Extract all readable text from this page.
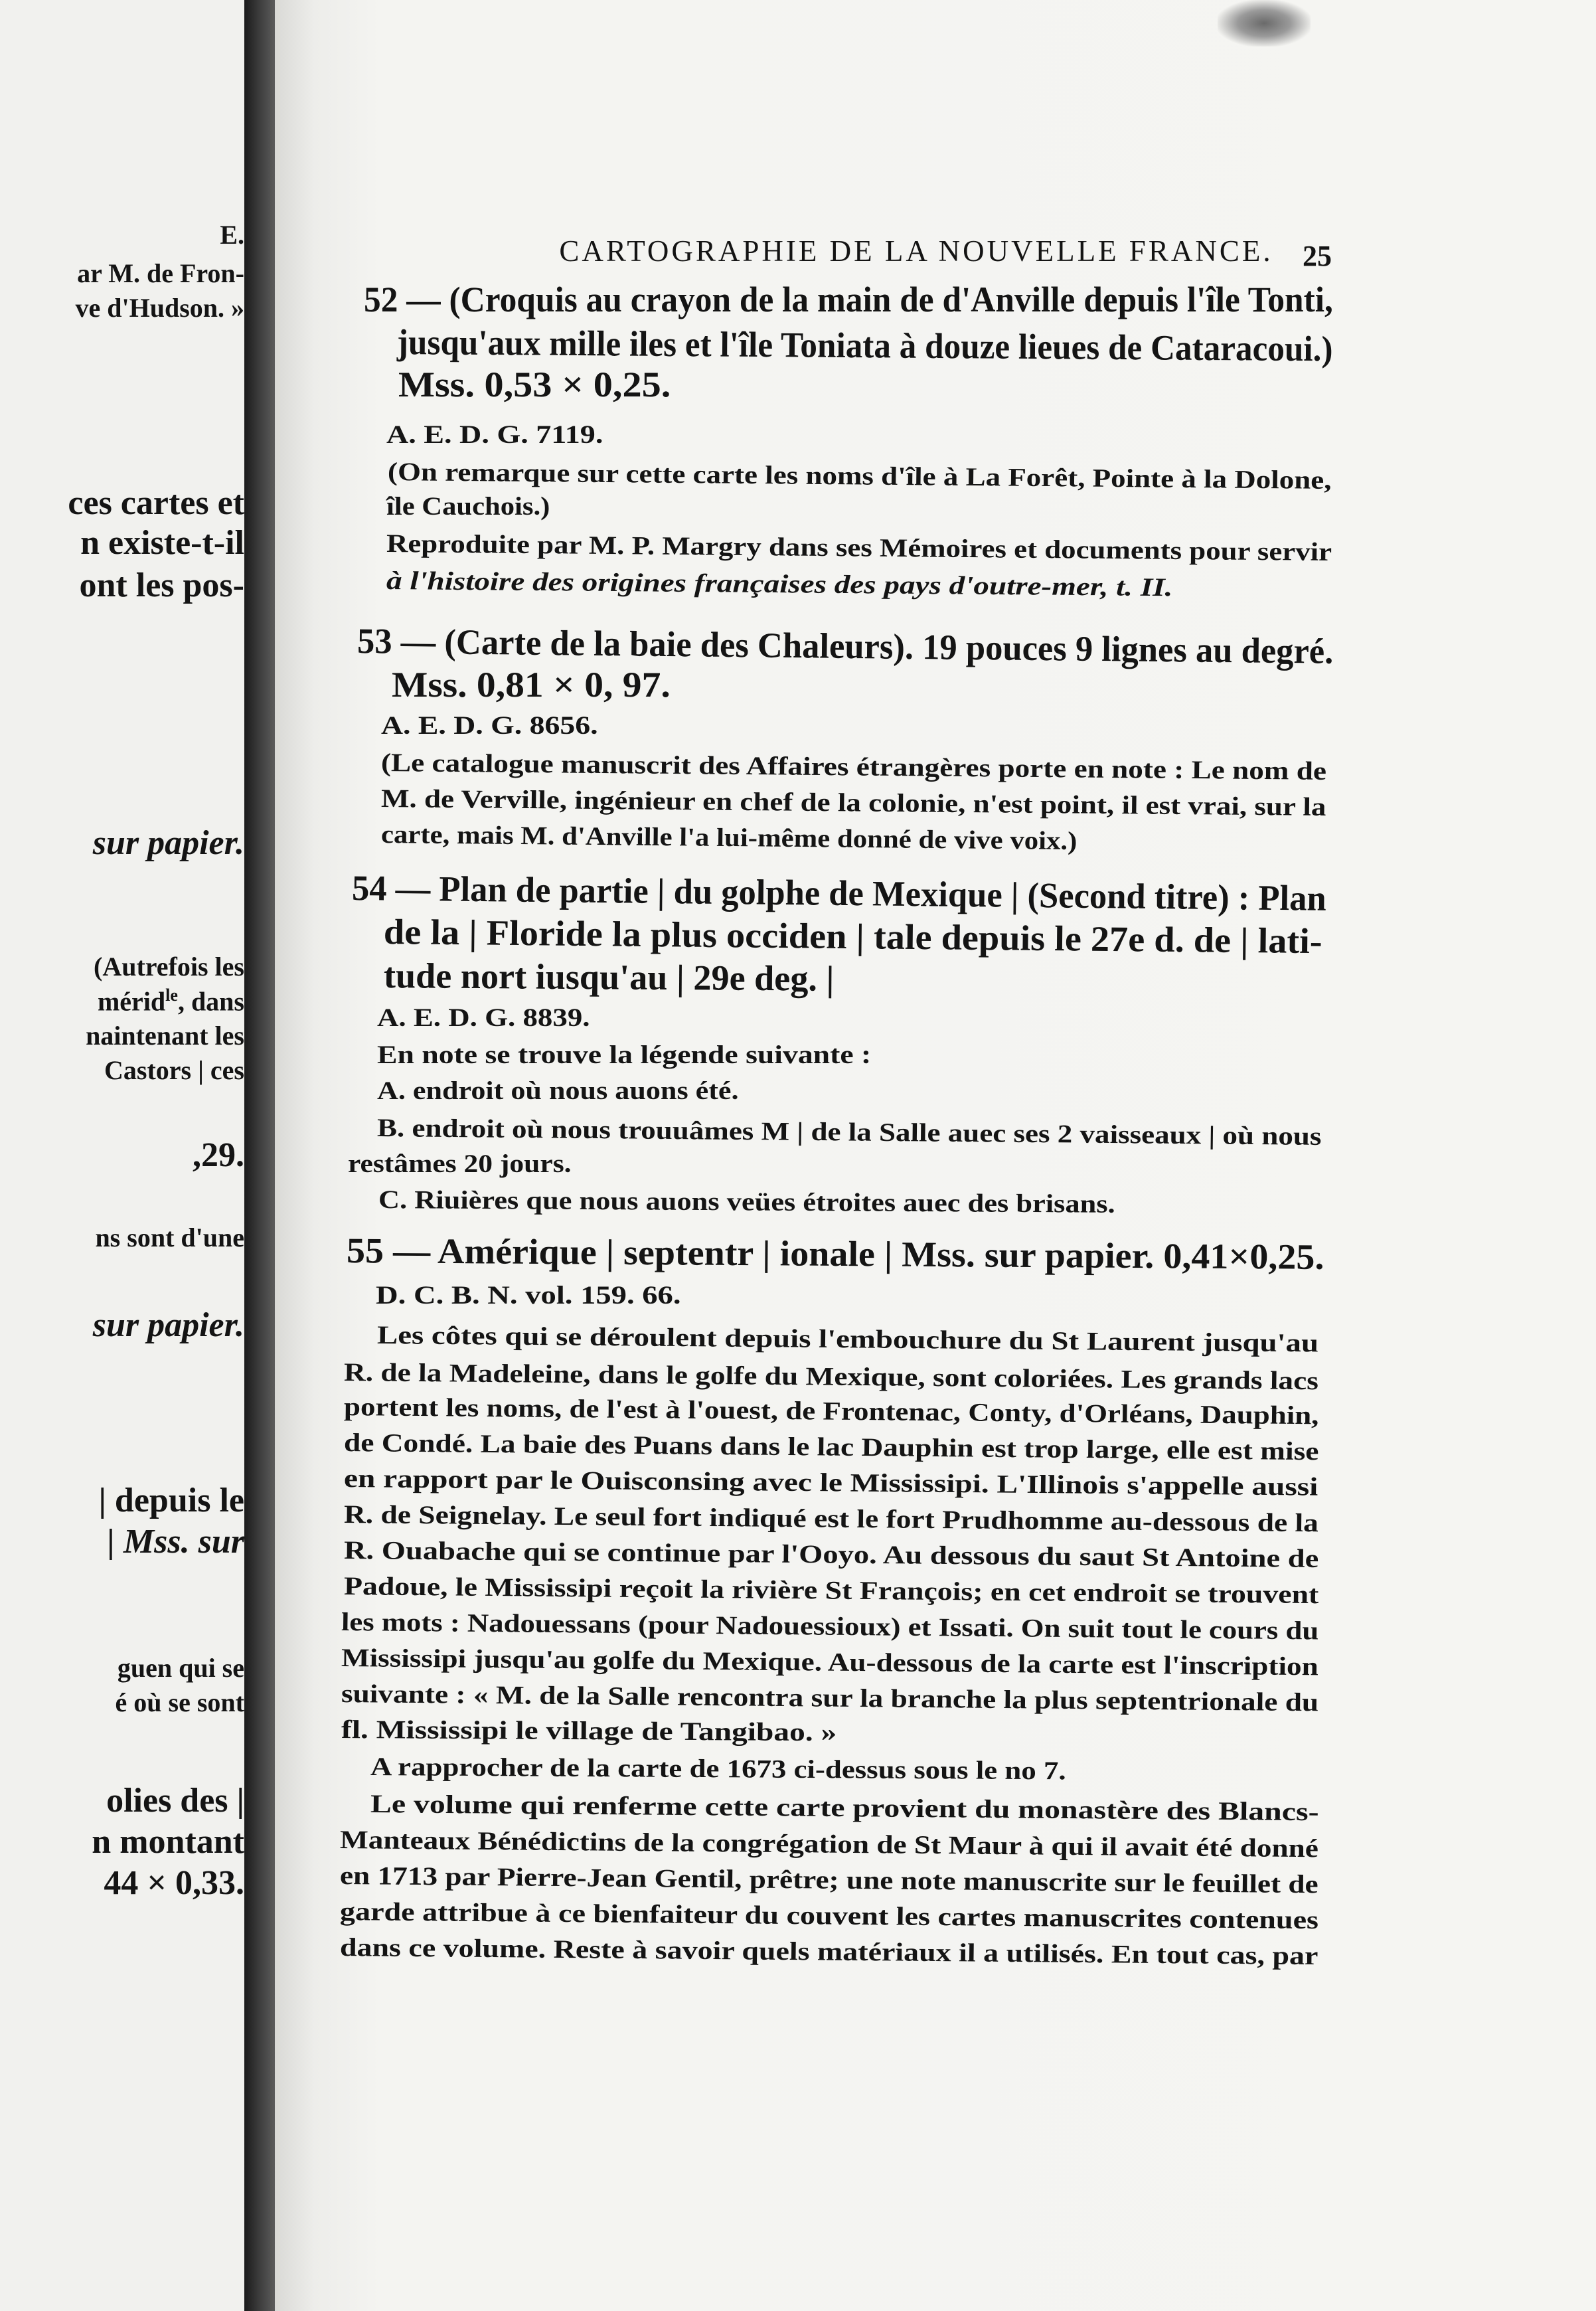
E.
ar M. de Fron-
ve d'Hudson. »
ces cartes et
n existe-t-il
ont les pos-
sur papier.
(Autrefois les
mérid$^{le}$, dans
naintenant les
Castors | ces
,29.
ns sont d'une
sur papier.
| depuis le
| Mss. sur
guen qui se
é où se sont
olies des |
n montant
44 × 0,33.
CARTOGRAPHIE DE LA NOUVELLE FRANCE.	25
52 — (Croquis au crayon de la main de d'Anville depuis l'île Tonti,
jusqu'aux mille iles et l'île Toniata à douze lieues de Cataracoui.)
Mss. 0,53 × 0,25.
A. E. D. G. 7119.
(On remarque sur cette carte les noms d'île à La Forêt, Pointe à la Dolone,
île Cauchois.)
Reproduite par M. P. Margry dans ses Mémoires et documents pour servir
à l'histoire des origines françaises des pays d'outre-mer, t. II.
53 — (Carte de la baie des Chaleurs). 19 pouces 9 lignes au degré.
Mss. 0,81 × 0, 97.
A. E. D. G. 8656.
(Le catalogue manuscrit des Affaires étrangères porte en note : Le nom de
M. de Verville, ingénieur en chef de la colonie, n'est point, il est vrai, sur la
carte, mais M. d'Anville l'a lui-même donné de vive voix.)
54 — Plan de partie | du golphe de Mexique | (Second titre) : Plan
de la | Floride la plus occiden | tale depuis le 27e d. de | lati-
tude nort iusqu'au | 29e deg. |
A. E. D. G. 8839.
En note se trouve la légende suivante :
A. endroit où nous auons été.
B. endroit où nous trouuâmes M | de la Salle auec ses 2 vaisseaux | où nous
restâmes 20 jours.
C. Riuières que nous auons veües étroites auec des brisans.
55 — Amérique | septentr | ionale | Mss. sur papier. 0,41×0,25.
D. C. B. N. vol. 159. 66.
Les côtes qui se déroulent depuis l'embouchure du St Laurent jusqu'au
R. de la Madeleine, dans le golfe du Mexique, sont coloriées. Les grands lacs
portent les noms, de l'est à l'ouest, de Frontenac, Conty, d'Orléans, Dauphin,
de Condé. La baie des Puans dans le lac Dauphin est trop large, elle est mise
en rapport par le Ouisconsing avec le Mississipi. L'Illinois s'appelle aussi
R. de Seignelay. Le seul fort indiqué est le fort Prudhomme au-dessous de la
R. Ouabache qui se continue par l'Ooyo. Au dessous du saut St Antoine de
Padoue, le Mississipi reçoit la rivière St François; en cet endroit se trouvent
les mots : Nadouessans (pour Nadouessioux) et Issati. On suit tout le cours du
Mississipi jusqu'au golfe du Mexique. Au-dessous de la carte est l'inscription
suivante : « M. de la Salle rencontra sur la branche la plus septentrionale du
fl. Mississipi le village de Tangibao. »
A rapprocher de la carte de 1673 ci-dessus sous le no 7.
Le volume qui renferme cette carte provient du monastère des Blancs-
Manteaux Bénédictins de la congrégation de St Maur à qui il avait été donné
en 1713 par Pierre-Jean Gentil, prêtre; une note manuscrite sur le feuillet de
garde attribue à ce bienfaiteur du couvent les cartes manuscrites contenues
dans ce volume. Reste à savoir quels matériaux il a utilisés. En tout cas, par
